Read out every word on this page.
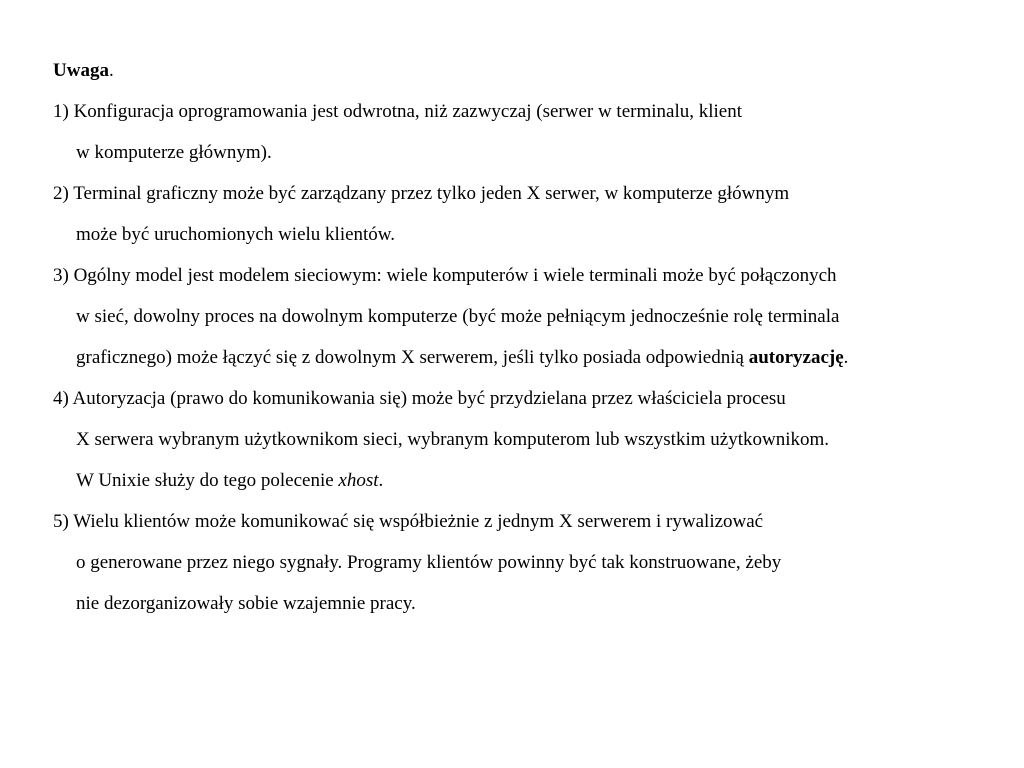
Uwaga.
1) Konfiguracja oprogramowania jest odwrotna, niż zazwyczaj (serwer w terminalu, klient
w komputerze głównym).
2) Terminal graficzny może być zarządzany przez tylko jeden X serwer, w komputerze głównym
może być uruchomionych wielu klientów.
3) Ogólny model jest modelem sieciowym: wiele komputerów i wiele terminali może być połączonych
w sieć, dowolny proces na dowolnym komputerze (być może pełniącym jednocześnie rolę terminala
graficznego) może łączyć się z dowolnym X serwerem, jeśli tylko posiada odpowiednią autoryzację.
4) Autoryzacja (prawo do komunikowania się) może być przydzielana przez właściciela procesu
X serwera wybranym użytkownikom sieci, wybranym komputerom lub wszystkim użytkownikom.
W Unixie służy do tego polecenie xhost.
5) Wielu klientów może komunikować się współbieżnie z jednym X serwerem i rywalizować
o generowane przez niego sygnały. Programy klientów powinny być tak konstruowane, żeby
nie dezorganizowały sobie wzajemnie pracy.
